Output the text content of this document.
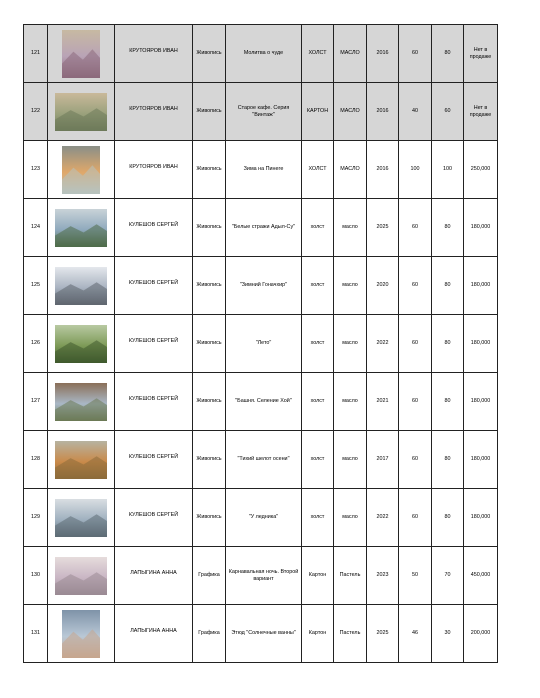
121		КРУТОЯРОВ ИВАН	Живопись	Молитва о чуде	ХОЛСТ	МАСЛО	2016	60	80	Нет в продаже
122		КРУТОЯРОВ ИВАН	Живопись	Старое кафе. Серия "Винтаж"	КАРТОН	МАСЛО	2016	40	60	Нет в продаже
123		КРУТОЯРОВ ИВАН	Живопись	Зима на Пинеге	ХОЛСТ	МАСЛО	2016	100	100	250,000
124		КУЛЕШОВ СЕРГЕЙ	Живопись	"Белые стражи Адыл-Су"	холст	масло	2025	60	80	180,000
125		КУЛЕШОВ СЕРГЕЙ	Живопись	"Зимний Гоначхир"	холст	масло	2020	60	80	180,000
126		КУЛЕШОВ СЕРГЕЙ	Живопись	"Лето"	холст	масло	2022	60	80	180,000
127		КУЛЕШОВ СЕРГЕЙ	Живопись	"Башня. Селение Хой"	холст	масло	2021	60	80	180,000
128		КУЛЕШОВ СЕРГЕЙ	Живопись	"Тихий шелот осени"	холст	масло	2017	60	80	180,000
129		КУЛЕШОВ СЕРГЕЙ	Живопись	"У ледника"	холст	масло	2022	60	80	180,000
130		ЛАПЫГИНА АННА	Графика	Карнавальная ночь. Второй вариант	Картон	Пастель	2023	50	70	450,000
131		ЛАПЫГИНА АННА	Графика	Этюд "Солнечные ванны"	Картон	Пастель	2025	46	30	200,000
